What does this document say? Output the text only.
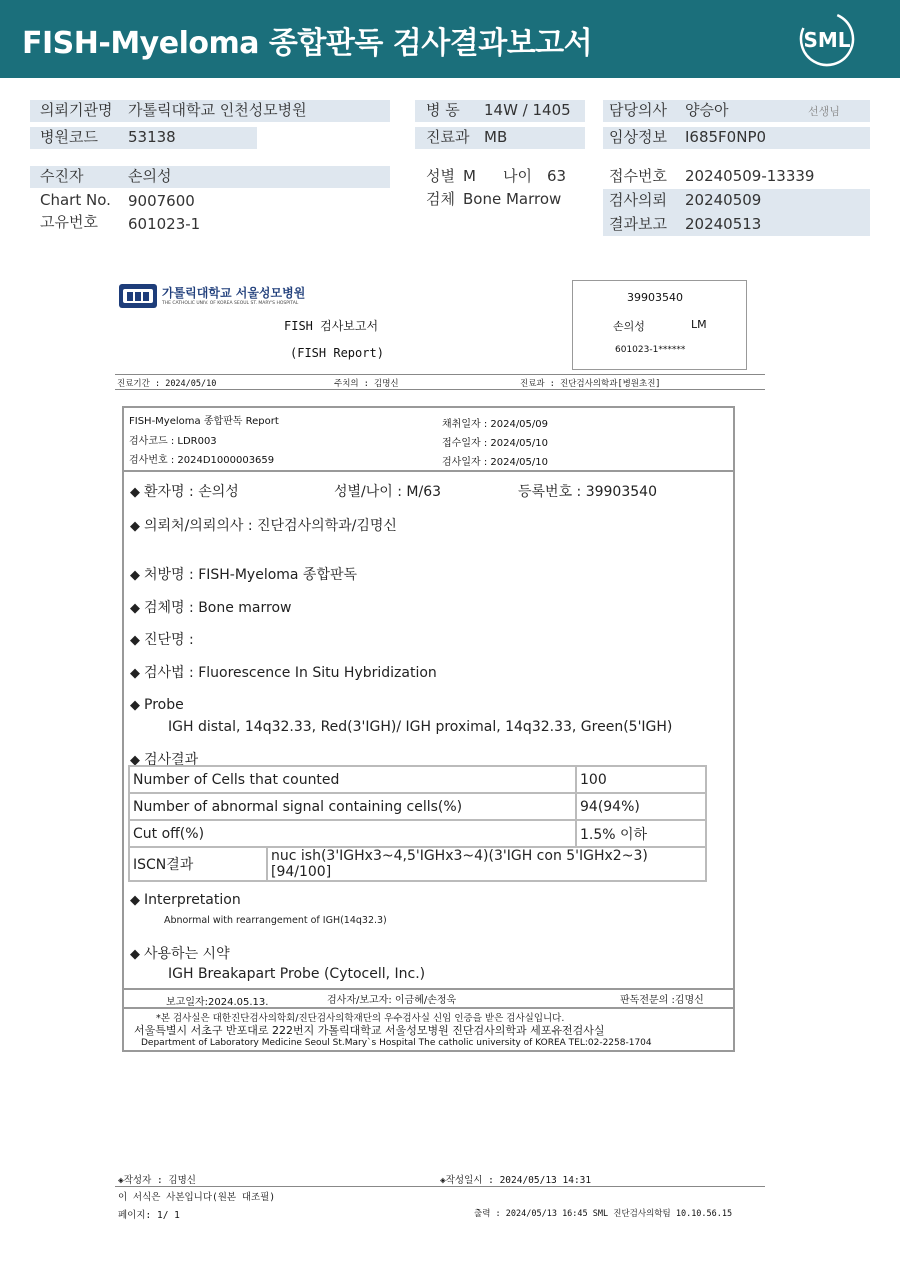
FISH-Myeloma 종합판독 검사결과보고서	SML
의뢰기관명 가톨릭대학교 인천성모병원	병 동 14W / 1405	담당의사 양승아	선생님
병원코드 53138	진료과 MB	임상정보 I685F0NP0
수진자	손의성	성별 M 나이 63	접수번호 20240509-13339
Chart No. 9007600	검체 Bone Marrow	검사의뢰 20240509
고유번호 601023-1	결과보고 20240513
가톨릭대학교 서울성모병원
THE CATHOLIC UNIV. OF KOREA SEOUL ST. MARY'S HOSPITAL
FISH 검사보고서
(FISH Report)
39903540
손의성	LM
601023-1******
진료기간 : 2024/05/10	주치의 : 김명신	진료과 : 진단검사의학과[병원초진]
FISH-Myeloma 종합판독 Report
검사코드 : LDR003
검사번호 : 2024D1000003659
채취일자 : 2024/05/09
접수일자 : 2024/05/10
검사일자 : 2024/05/10
◆ 환자명 : 손의성	성별/나이 : M/63	등록번호 : 39903540
◆ 의뢰처/의뢰의사 : 진단검사의학과/김명신
◆ 처방명 : FISH-Myeloma 종합판독
◆ 검체명 : Bone marrow
◆ 진단명 :
◆ 검사법 : Fluorescence In Situ Hybridization
◆ Probe
IGH distal, 14q32.33, Red(3'IGH)/ IGH proximal, 14q32.33, Green(5'IGH)
◆ 검사결과
Number of Cells that counted		100
Number of abnormal signal containing cells(%)		94(94%)
Cut off(%)		1.5% 이하
ISCN결과	nuc ish(3'IGHx3~4,5'IGHx3~4)(3'IGH con 5'IGHx2~3)[94/100]	
◆ Interpretation
Abnormal with rearrangement of IGH(14q32.3)
◆ 사용하는 시약
IGH Breakapart Probe (Cytocell, Inc.)
보고일자:2024.05.13.	검사자/보고자: 이금혜/손정욱	판독전문의 :김명신
*본 검사실은 대한진단검사의학회/진단검사의학재단의 우수검사실 신임 인증을 받은 검사실입니다.
서울특별시 서초구 반포대로 222번지 가톨릭대학교 서울성모병원 진단검사의학과 세포유전검사실
Department of Laboratory Medicine Seoul St.Mary`s Hospital The catholic university of KOREA TEL:02-2258-1704
◈작성자 : 김명신	◈작성일시 : 2024/05/13 14:31
이 서식은 사본입니다(원본 대조필)
페이지: 1/ 1	출력 : 2024/05/13 16:45 SML 진단검사의학팀 10.10.56.15
